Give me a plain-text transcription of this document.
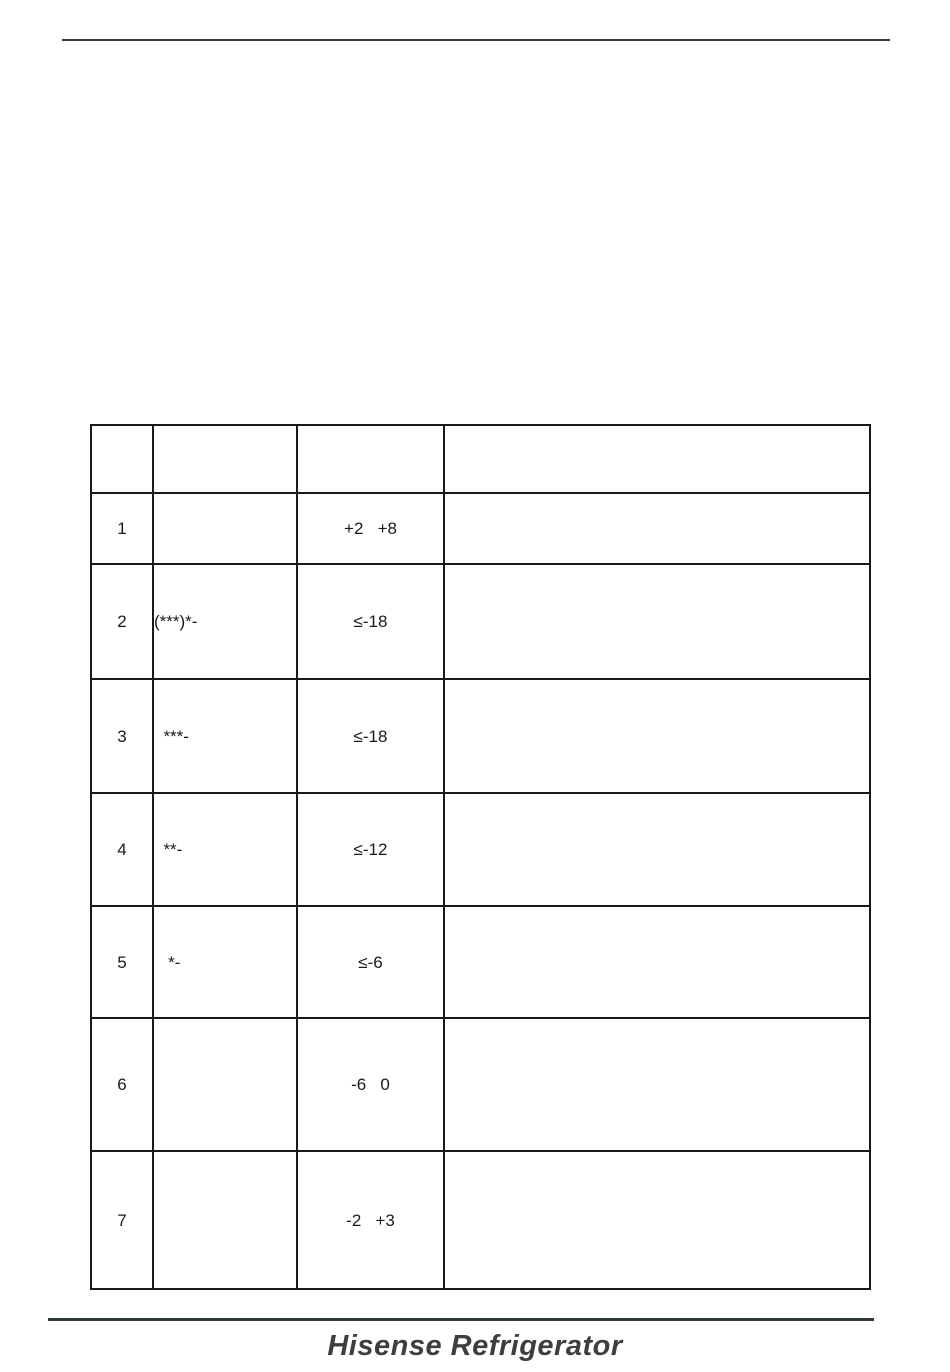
1		+2   +8	
2	(***)*-	≤-18	
3	***-	≤-18	
4	**-	≤-12	
5	*-	≤-6	
6		-6   0	
7		-2   +3	
Hisense Refrigerator
